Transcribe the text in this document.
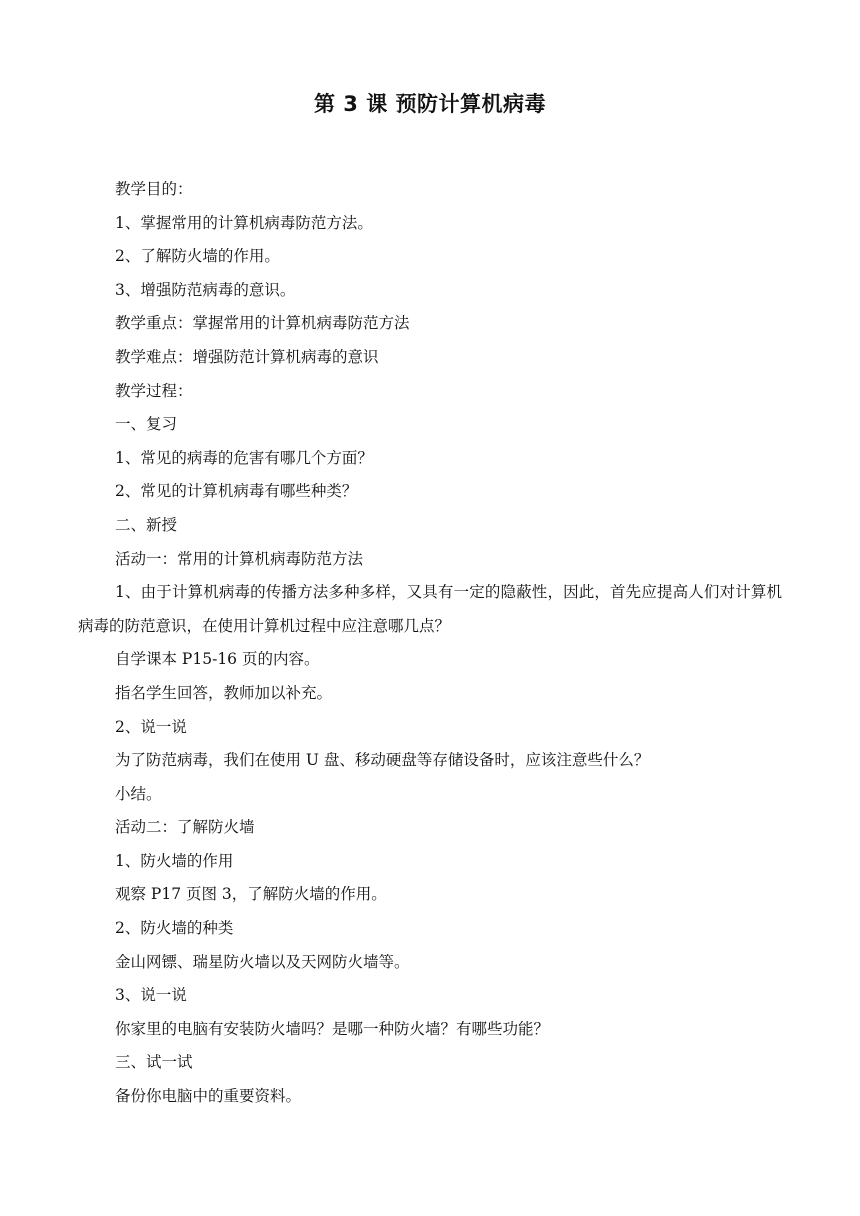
第 3 课 预防计算机病毒

教学目的：

1、掌握常用的计算机病毒防范方法。

2、了解防火墙的作用。

3、增强防范病毒的意识。

教学重点：掌握常用的计算机病毒防范方法

教学难点：增强防范计算机病毒的意识

教学过程：

一、复习

1、常见的病毒的危害有哪几个方面？

2、常见的计算机病毒有哪些种类？

二、新授

活动一：常用的计算机病毒防范方法

1、由于计算机病毒的传播方法多种多样，又具有一定的隐蔽性，因此，首先应提高人们对计算机病毒的防范意识，在使用计算机过程中应注意哪几点？

自学课本 P15-16 页的内容。

指名学生回答，教师加以补充。

2、说一说

为了防范病毒，我们在使用 U 盘、移动硬盘等存储设备时，应该注意些什么？

小结。

活动二：了解防火墙

1、防火墙的作用

观察 P17 页图 3，了解防火墙的作用。

2、防火墙的种类

金山网镖、瑞星防火墙以及天网防火墙等。

3、说一说

你家里的电脑有安装防火墙吗？是哪一种防火墙？有哪些功能？

三、试一试

备份你电脑中的重要资料。
